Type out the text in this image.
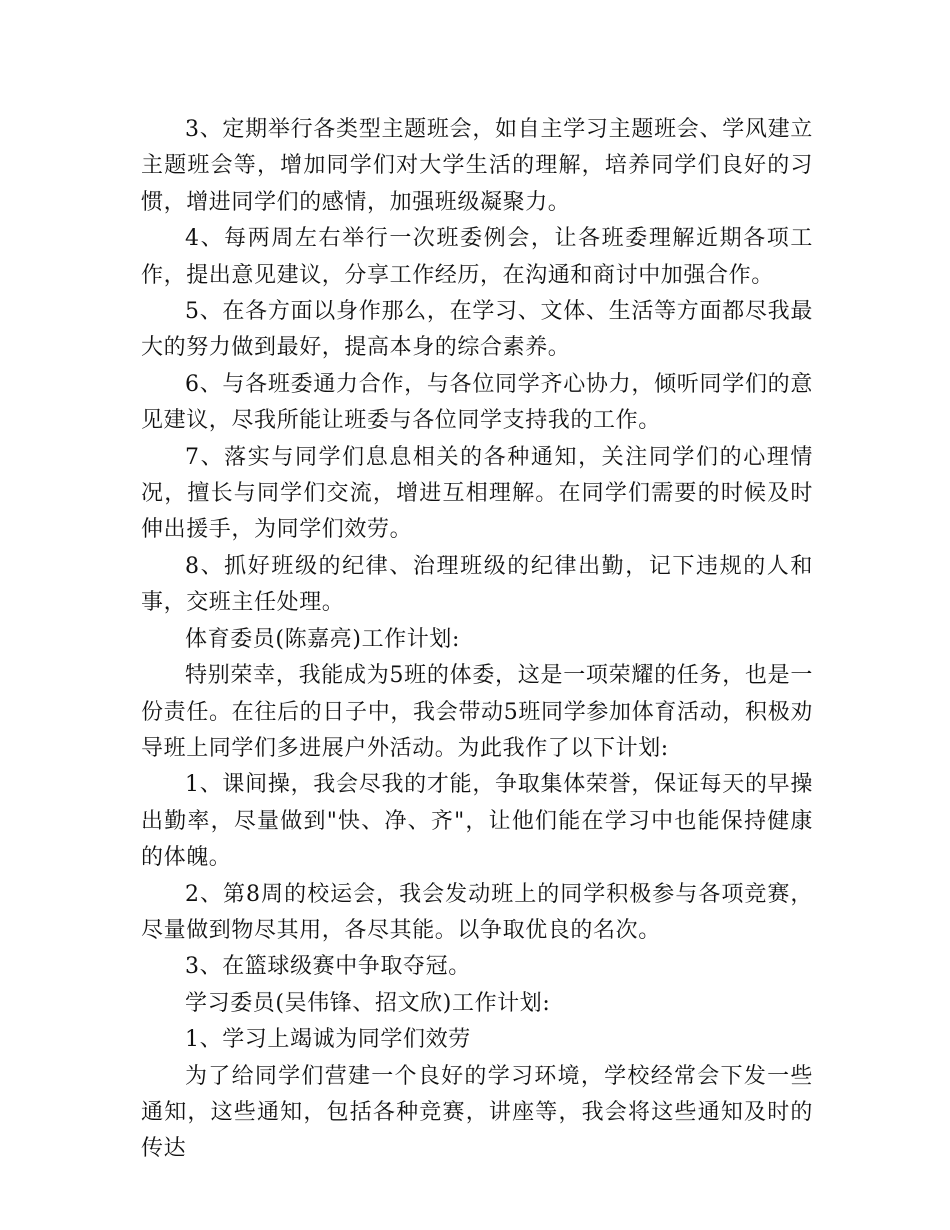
3、定期举行各类型主题班会，如自主学习主题班会、学风建立主题班会等，增加同学们对大学生活的理解，培养同学们良好的习惯，增进同学们的感情，加强班级凝聚力。

4、每两周左右举行一次班委例会，让各班委理解近期各项工作，提出意见建议，分享工作经历，在沟通和商讨中加强合作。

5、在各方面以身作那么，在学习、文体、生活等方面都尽我最大的努力做到最好，提高本身的综合素养。

6、与各班委通力合作，与各位同学齐心协力，倾听同学们的意见建议，尽我所能让班委与各位同学支持我的工作。

7、落实与同学们息息相关的各种通知，关注同学们的心理情况，擅长与同学们交流，增进互相理解。在同学们需要的时候及时伸出援手，为同学们效劳。

8、抓好班级的纪律、治理班级的纪律出勤，记下违规的人和事，交班主任处理。

体育委员(陈嘉亮)工作计划:

特别荣幸，我能成为5班的体委，这是一项荣耀的任务，也是一份责任。在往后的日子中，我会带动5班同学参加体育活动，积极劝导班上同学们多进展户外活动。为此我作了以下计划:

1、课间操，我会尽我的才能，争取集体荣誉，保证每天的早操出勤率，尽量做到"快、净、齐"，让他们能在学习中也能保持健康的体魄。

2、第8周的校运会，我会发动班上的同学积极参与各项竞赛，尽量做到物尽其用，各尽其能。以争取优良的名次。

3、在篮球级赛中争取夺冠。

学习委员(吴伟锋、招文欣)工作计划:

1、学习上竭诚为同学们效劳

为了给同学们营建一个良好的学习环境，学校经常会下发一些通知，这些通知，包括各种竞赛，讲座等，我会将这些通知及时的传达
